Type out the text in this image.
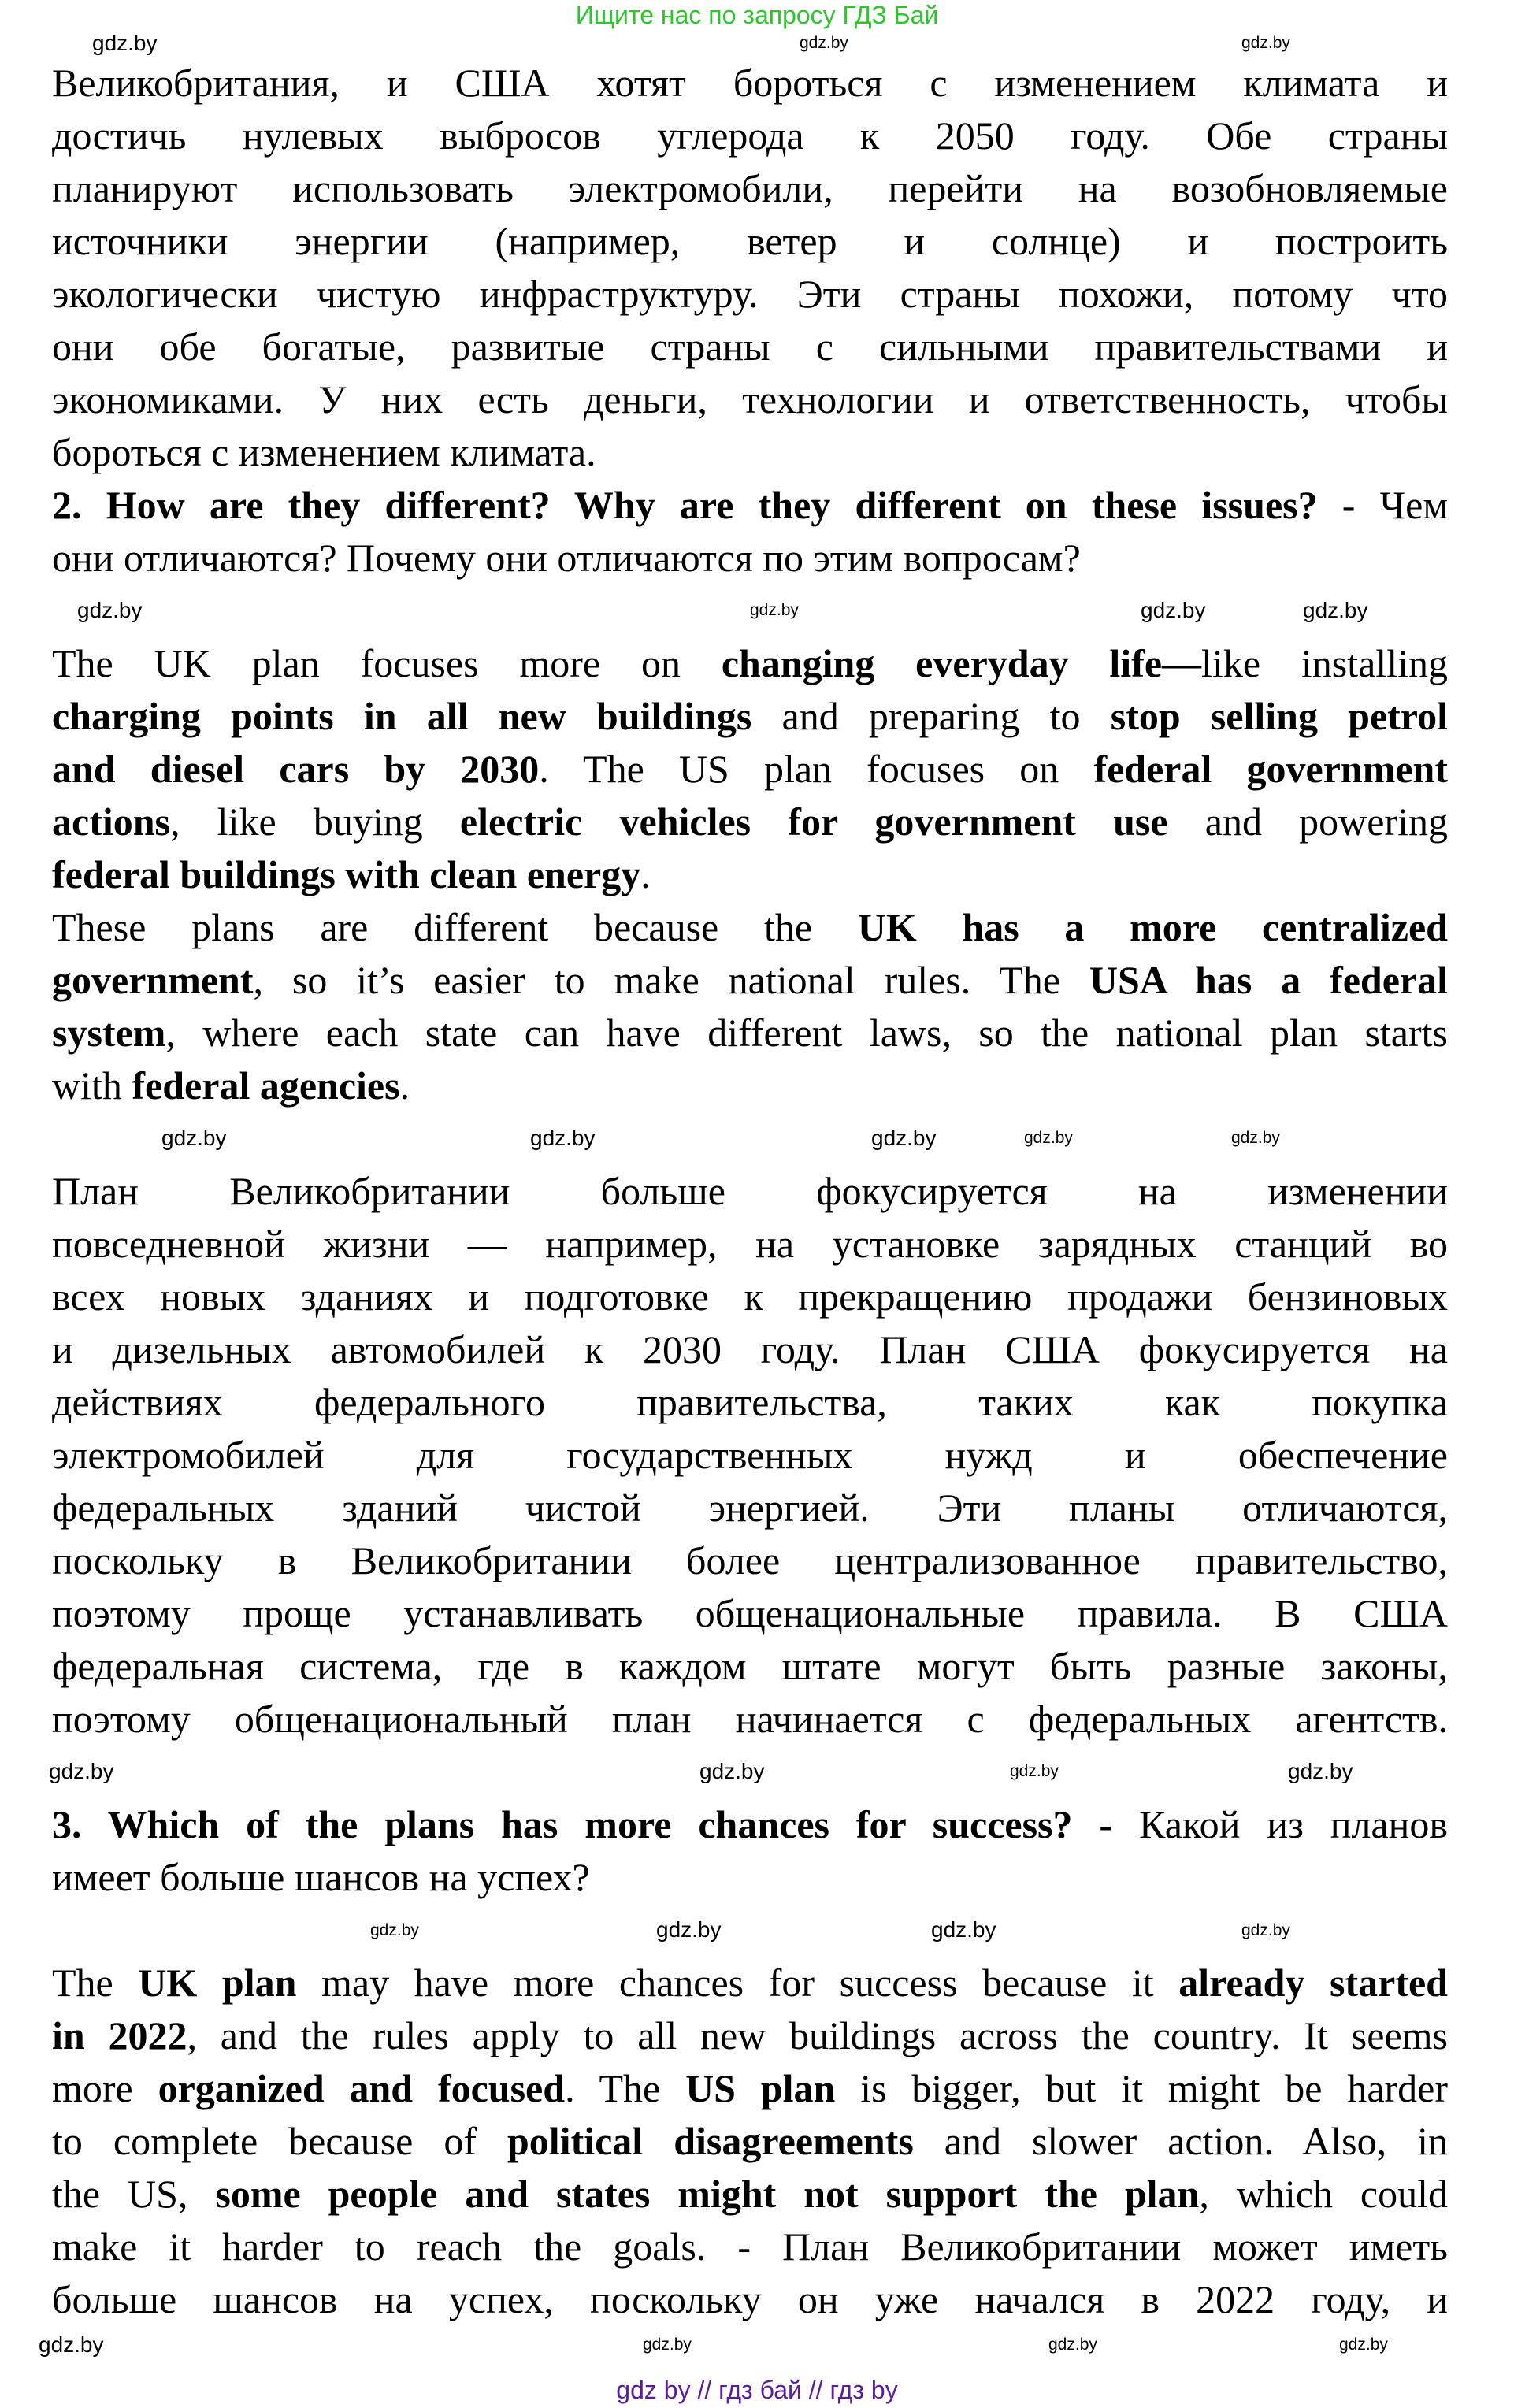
Ищите нас по запросу ГДЗ Бай
Великобритания, и США хотят бороться с изменением климата и
достичь нулевых выбросов углерода к 2050 году. Обе страны
планируют использовать электромобили, перейти на возобновляемые
источники энергии (например, ветер и солнце) и построить
экологически чистую инфраструктуру. Эти страны похожи, потому что
они обе богатые, развитые страны с сильными правительствами и
экономиками. У них есть деньги, технологии и ответственность, чтобы
бороться с изменением климата.
2. How are they different? Why are they different on these issues? - Чем
они отличаются? Почему они отличаются по этим вопросам?
The UK plan focuses more on changing everyday life—like installing
charging points in all new buildings and preparing to stop selling petrol
and diesel cars by 2030. The US plan focuses on federal government
actions, like buying electric vehicles for government use and powering
federal buildings with clean energy.
These plans are different because the UK has a more centralized
government, so it’s easier to make national rules. The USA has a federal
system, where each state can have different laws, so the national plan starts
with federal agencies.
План Великобритании больше фокусируется на изменении
повседневной жизни — например, на установке зарядных станций во
всех новых зданиях и подготовке к прекращению продажи бензиновых
и дизельных автомобилей к 2030 году. План США фокусируется на
действиях федерального правительства, таких как покупка
электромобилей для государственных нужд и обеспечение
федеральных зданий чистой энергией. Эти планы отличаются,
поскольку в Великобритании более централизованное правительство,
поэтому проще устанавливать общенациональные правила. В США
федеральная система, где в каждом штате могут быть разные законы,
поэтому общенациональный план начинается с федеральных агентств.
3. Which of the plans has more chances for success? - Какой из планов
имеет больше шансов на успех?
The UK plan may have more chances for success because it already started
in 2022, and the rules apply to all new buildings across the country. It seems
more organized and focused. The US plan is bigger, but it might be harder
to complete because of political disagreements and slower action. Also, in
the US, some people and states might not support the plan, which could
make it harder to reach the goals. - План Великобритании может иметь
больше шансов на успех, поскольку он уже начался в 2022 году, и
gdz.by	gdz.by	gdz.by
gdz.by	gdz.by	gdz.by	gdz.by
gdz.by	gdz.by	gdz.by	gdz.by	gdz.by
gdz.by	gdz.by	gdz.by	gdz.by
gdz.by	gdz.by	gdz.by	gdz.by
gdz.by	gdz.by	gdz.by	gdz.by
gdz by // гдз бай // гдз by
